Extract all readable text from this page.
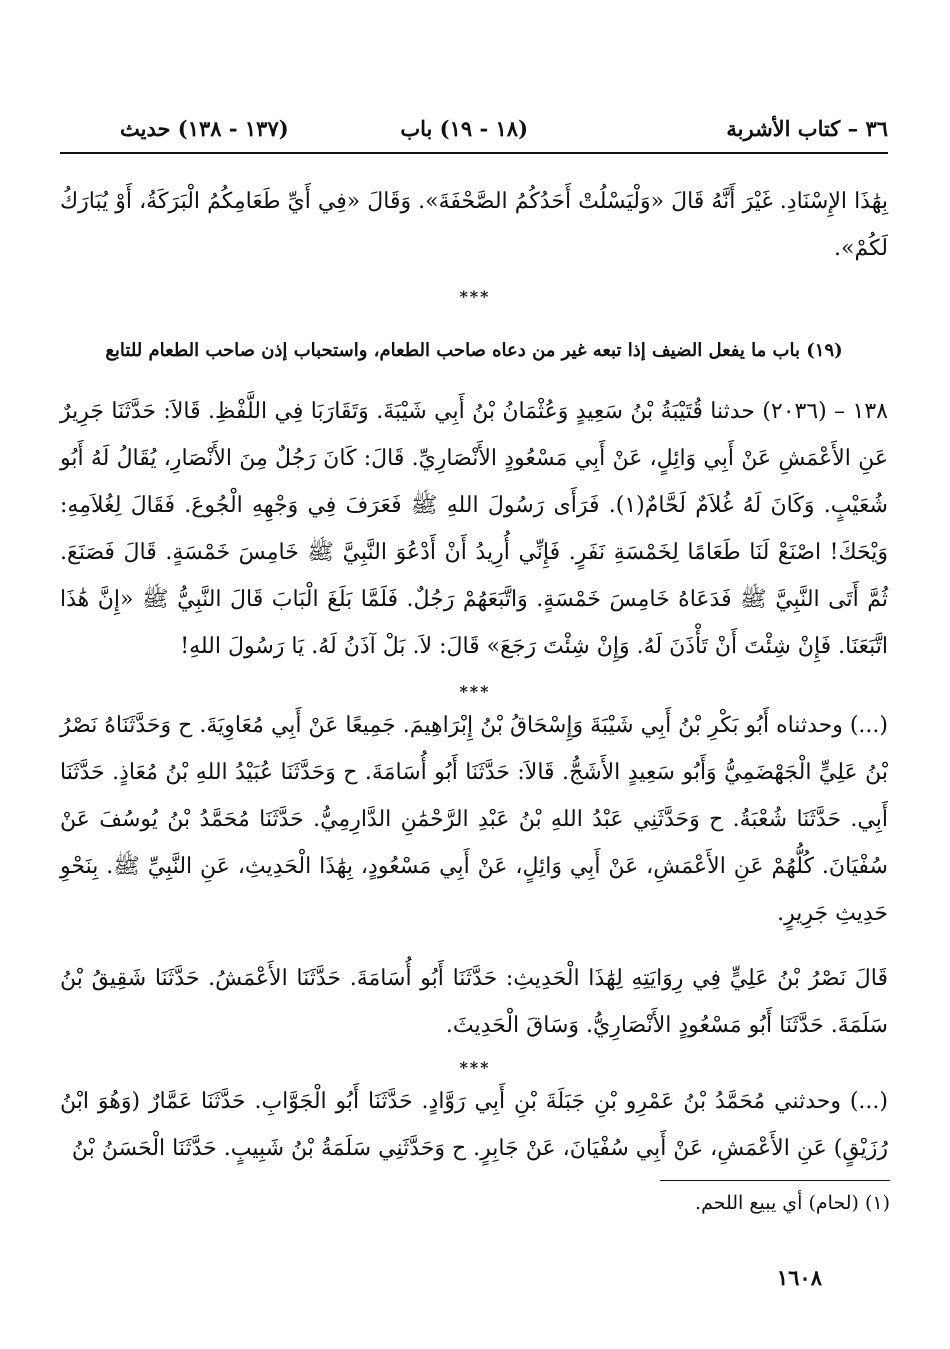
٣٦ – كتاب الأشربة
(١٨ - ١٩) باب
(١٣٧ - ١٣٨) حديث
بِهَٰذَا الإِسْنَادِ. غَيْرَ أَنَّهُ قَالَ «وَلْيَسْلُتْ أَحَدُكُمُ الصَّحْفَةَ». وَقَالَ «فِي أَيِّ طَعَامِكُمُ الْبَرَكَةُ، أَوْ يُبَارَكُ لَكُمْ».
***
(١٩) باب ما يفعل الضيف إذا تبعه غير من دعاه صاحب الطعام، واستحباب إذن صاحب الطعام للتابع
١٣٨ – (٢٠٣٦) حدثنا قُتَيْبَةُ بْنُ سَعِيدٍ وَعُثْمَانُ بْنُ أَبِي شَيْبَةَ. وَتَقَارَبَا فِي اللَّفْظِ. قَالاَ: حَدَّثَنَا جَرِيرٌ عَنِ الأَعْمَشِ عَنْ أَبِي وَائِلٍ، عَنْ أَبِي مَسْعُودٍ الأَنْصَارِيِّ. قَالَ: كَانَ رَجُلٌ مِنَ الأَنْصَارِ، يُقَالُ لَهُ أَبُو شُعَيْبٍ. وَكَانَ لَهُ غُلاَمٌ لَحَّامٌ(١). فَرَأَى رَسُولَ اللهِ ﷺ فَعَرَفَ فِي وَجْهِهِ الْجُوعَ. فَقَالَ لِغُلاَمِهِ: وَيْحَكَ! اصْنَعْ لَنَا طَعَامًا لِخَمْسَةِ نَفَرٍ. فَإِنِّي أُرِيدُ أَنْ أَدْعُوَ النَّبِيَّ ﷺ خَامِسَ خَمْسَةٍ. قَالَ فَصَنَعَ. ثُمَّ أَتَى النَّبِيَّ ﷺ فَدَعَاهُ خَامِسَ خَمْسَةٍ. وَاتَّبَعَهُمْ رَجُلٌ. فَلَمَّا بَلَغَ الْبَابَ قَالَ النَّبِيُّ ﷺ «إِنَّ هَٰذَا اتَّبَعَنَا. فَإِنْ شِئْتَ أَنْ تَأْذَنَ لَهُ. وَإِنْ شِئْتَ رَجَعَ» قَالَ: لاَ. بَلْ آذَنُ لَهُ. يَا رَسُولَ اللهِ!
***
(...) وحدثناه أَبُو بَكْرِ بْنُ أَبِي شَيْبَةَ وَإِسْحَاقُ بْنُ إِبْرَاهِيمَ. جَمِيعًا عَنْ أَبِي مُعَاوِيَةَ. ح وَحَدَّثَنَاهُ نَصْرُ بْنُ عَلِيٍّ الْجَهْضَمِيُّ وَأَبُو سَعِيدٍ الأَشَجُّ. قَالاَ: حَدَّثَنَا أَبُو أُسَامَةَ. ح وَحَدَّثَنَا عُبَيْدُ اللهِ بْنُ مُعَاذٍ. حَدَّثَنَا أَبِي. حَدَّثَنَا شُعْبَةُ. ح وَحَدَّثَنِي عَبْدُ اللهِ بْنُ عَبْدِ الرَّحْمَٰنِ الدَّارِمِيُّ. حَدَّثَنَا مُحَمَّدُ بْنُ يُوسُفَ عَنْ سُفْيَانَ. كُلُّهُمْ عَنِ الأَعْمَشِ، عَنْ أَبِي وَائِلٍ، عَنْ أَبِي مَسْعُودٍ، بِهَٰذَا الْحَدِيثِ، عَنِ النَّبِيِّ ﷺ. بِنَحْوِ حَدِيثِ جَرِيرٍ.
قَالَ نَصْرُ بْنُ عَلِيٍّ فِي رِوَايَتِهِ لِهَٰذَا الْحَدِيثِ: حَدَّثَنَا أَبُو أُسَامَةَ. حَدَّثَنَا الأَعْمَشُ. حَدَّثَنَا شَقِيقُ بْنُ سَلَمَةَ. حَدَّثَنَا أَبُو مَسْعُودٍ الأَنْصَارِيُّ. وَسَاقَ الْحَدِيثَ.
***
(...) وحدثني مُحَمَّدُ بْنُ عَمْرِو بْنِ جَبَلَةَ بْنِ أَبِي رَوَّادٍ. حَدَّثَنَا أَبُو الْجَوَّابِ. حَدَّثَنَا عَمَّارٌ (وَهُوَ ابْنُ رُزَيْقٍ) عَنِ الأَعْمَشِ، عَنْ أَبِي سُفْيَانَ، عَنْ جَابِرٍ. ح وَحَدَّثَنِي سَلَمَةُ بْنُ شَبِيبٍ. حَدَّثَنَا الْحَسَنُ بْنُ
(١) (لحام) أي يبيع اللحم.
١٦٠٨
